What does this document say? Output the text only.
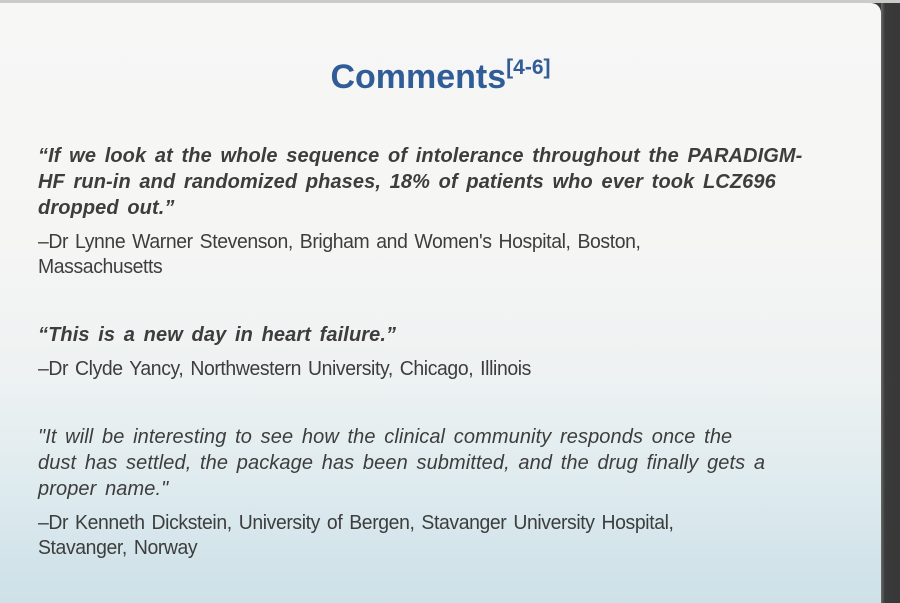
Comments[4-6]

“If we look at the whole sequence of intolerance throughout the PARADIGM-

HF run-in and randomized phases, 18% of patients who ever took LCZ696

dropped out.”

–Dr Lynne Warner Stevenson, Brigham and Women's Hospital, Boston,

Massachusetts

“This is a new day in heart failure.”

–Dr Clyde Yancy, Northwestern University, Chicago, Illinois

"It will be interesting to see how the clinical community responds once the

dust has settled, the package has been submitted, and the drug finally gets a

proper name."

–Dr Kenneth Dickstein, University of Bergen, Stavanger University Hospital,

Stavanger, Norway
